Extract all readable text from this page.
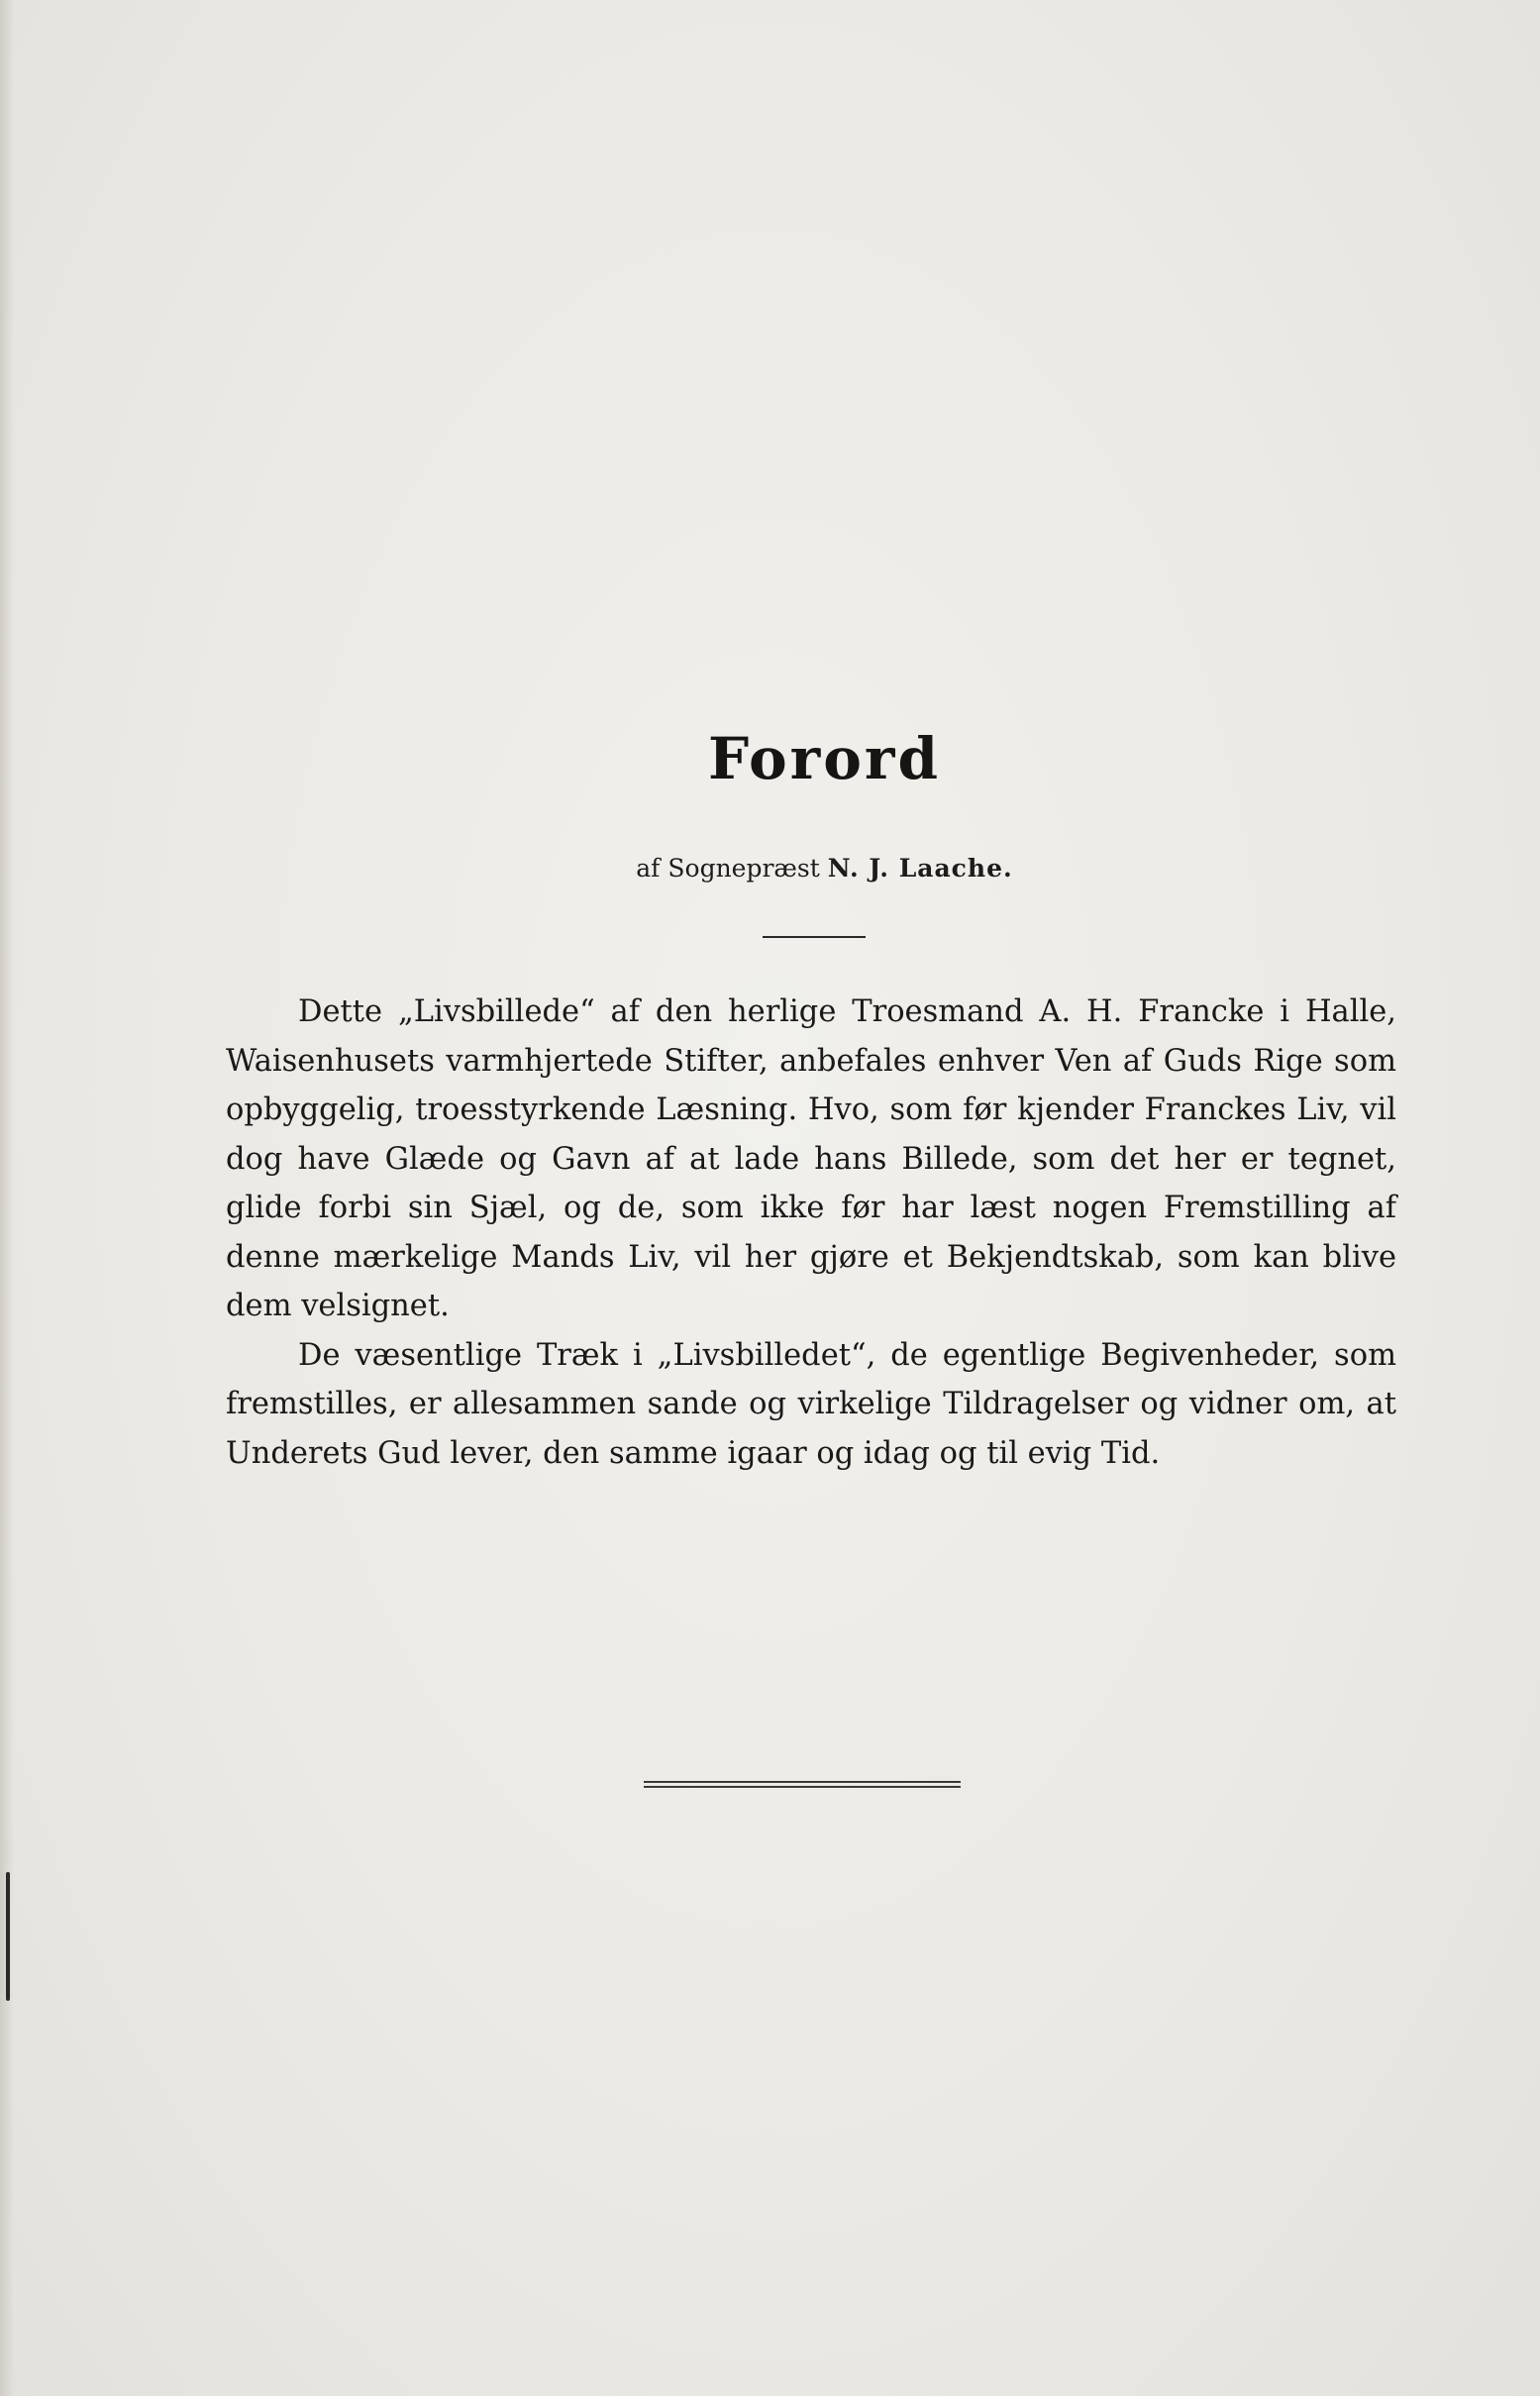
Forord
af Sognepræst N. J. Laache.

Dette „Livsbillede“ af den herlige Troesmand A. H. Francke i Halle, Waisenhusets varmhjertede Stifter, anbefales enhver Ven af Guds Rige som opbyggelig, troesstyrkende Læsning. Hvo, som før kjender Franckes Liv, vil dog have Glæde og Gavn af at lade hans Billede, som det her er tegnet, glide forbi sin Sjæl, og de, som ikke før har læst nogen Fremstilling af denne mærkelige Mands Liv, vil her gjøre et Bekjendtskab, som kan blive dem velsignet.

De væsentlige Træk i „Livsbilledet“, de egentlige Begivenheder, som fremstilles, er allesammen sande og virkelige Tildragelser og vidner om, at Underets Gud lever, den samme igaar og idag og til evig Tid.
